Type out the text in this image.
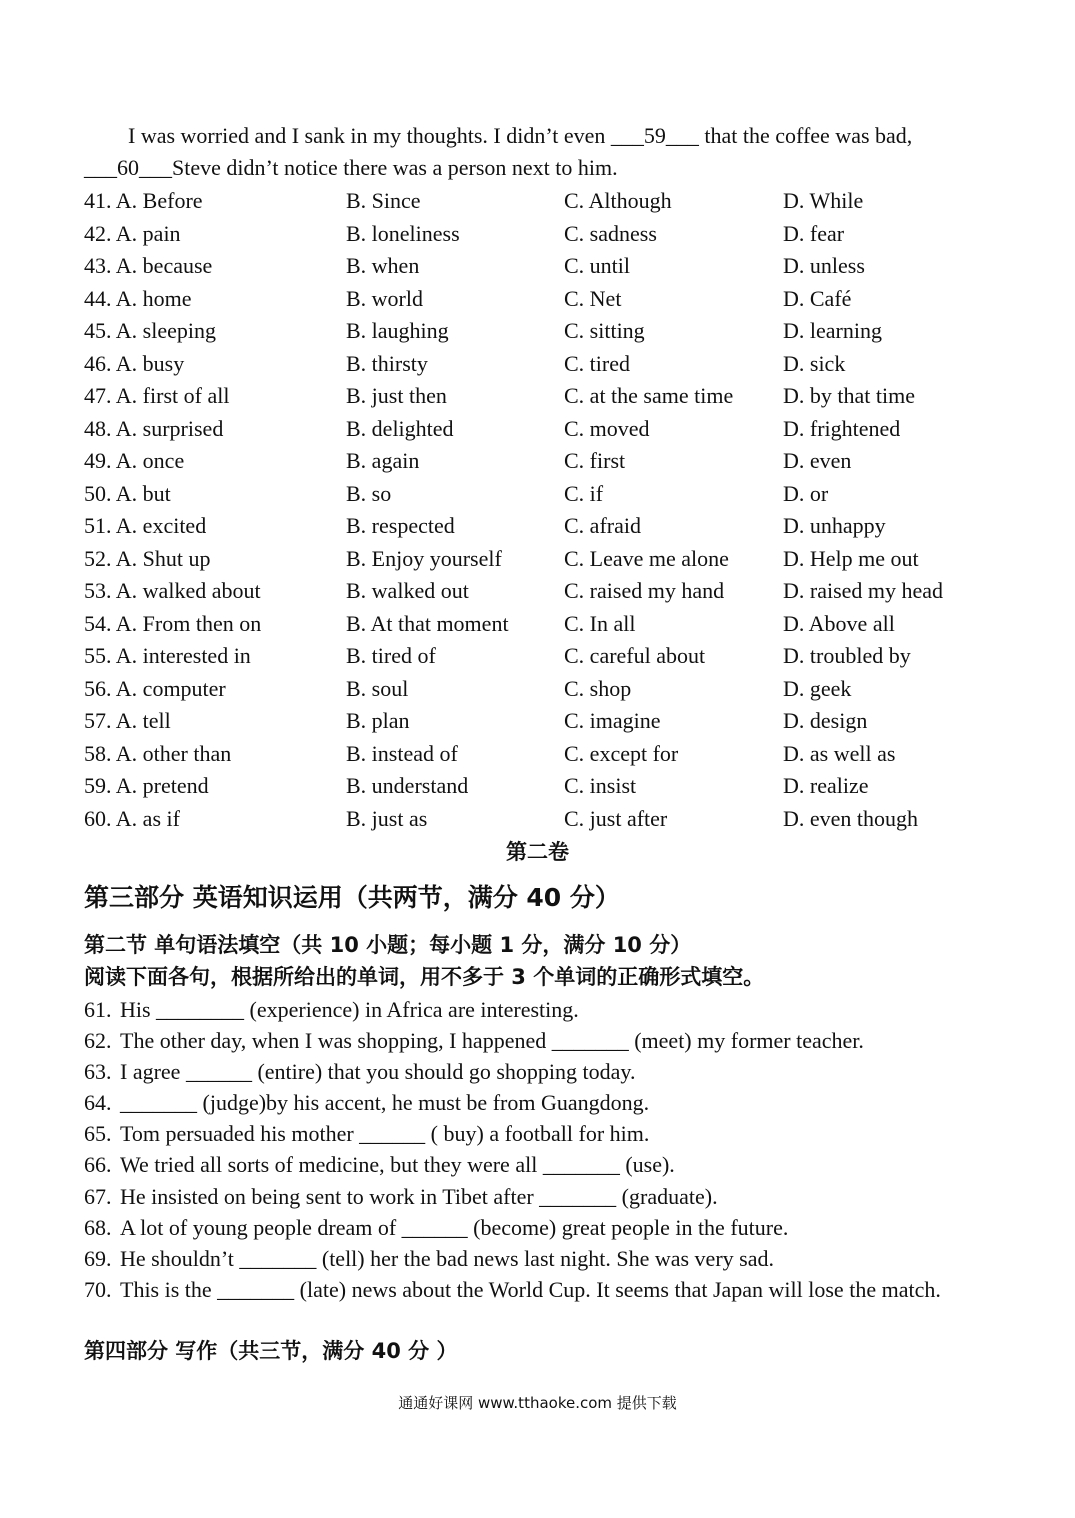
I was worried and I sank in my thoughts. I didn’t even ___59___ that the coffee was bad, ___60___Steve didn’t notice there was a person next to him.
41. A. Before	B. Since	C. Although	D. While
42. A. pain	B. loneliness	C. sadness	D. fear
43. A. because	B. when	C. until	D. unless
44. A. home	B. world	C. Net	D. Café
45. A. sleeping	B. laughing	C. sitting	D. learning
46. A. busy	B. thirsty	C. tired	D. sick
47. A. first of all	B. just then	C. at the same time D. by that time
48. A. surprised	B. delighted	C. moved	D. frightened
49. A. once	B. again	C. first	D. even
50. A. but	B. so	C. if	D. or
51. A. excited	B. respected	C. afraid	D. unhappy
52. A. Shut up	B. Enjoy yourself	C. Leave me alone D. Help me out
53. A. walked about	B. walked out	C. raised my hand	D. raised my head
54. A. From then on	B. At that moment	C. In all	D. Above all
55. A. interested in	B. tired of	C. careful about	D. troubled by
56. A. computer	B. soul	C. shop	D. geek
57. A. tell	B. plan	C. imagine	D. design
58. A. other than	B. instead of	C. except for	D. as well as
59. A. pretend	B. understand	C. insist	D. realize
60. A. as if	B. just as	C. just after	D. even though
第二卷
第三部分 英语知识运用（共两节，满分 40 分）
第二节 单句语法填空（共 10 小题；每小题 1 分，满分 10 分）
阅读下面各句，根据所给出的单词，用不多于 3 个单词的正确形式填空。
61. His ________ (experience) in Africa are interesting.
62. The other day, when I was shopping, I happened _______ (meet) my former teacher.
63. I agree ______ (entire) that you should go shopping today.
64. _______ (judge)by his accent, he must be from Guangdong.
65. Tom persuaded his mother ______ ( buy) a football for him.
66. We tried all sorts of medicine, but they were all _______ (use).
67. He insisted on being sent to work in Tibet after _______ (graduate).
68. A lot of young people dream of ______ (become) great people in the future.
69. He shouldn’t _______ (tell) her the bad news last night. She was very sad.
70. This is the _______ (late) news about the World Cup. It seems that Japan will lose the match.
第四部分 写作（共三节，满分 40 分 ）
通通好课网 www.tthaoke.com 提供下载
